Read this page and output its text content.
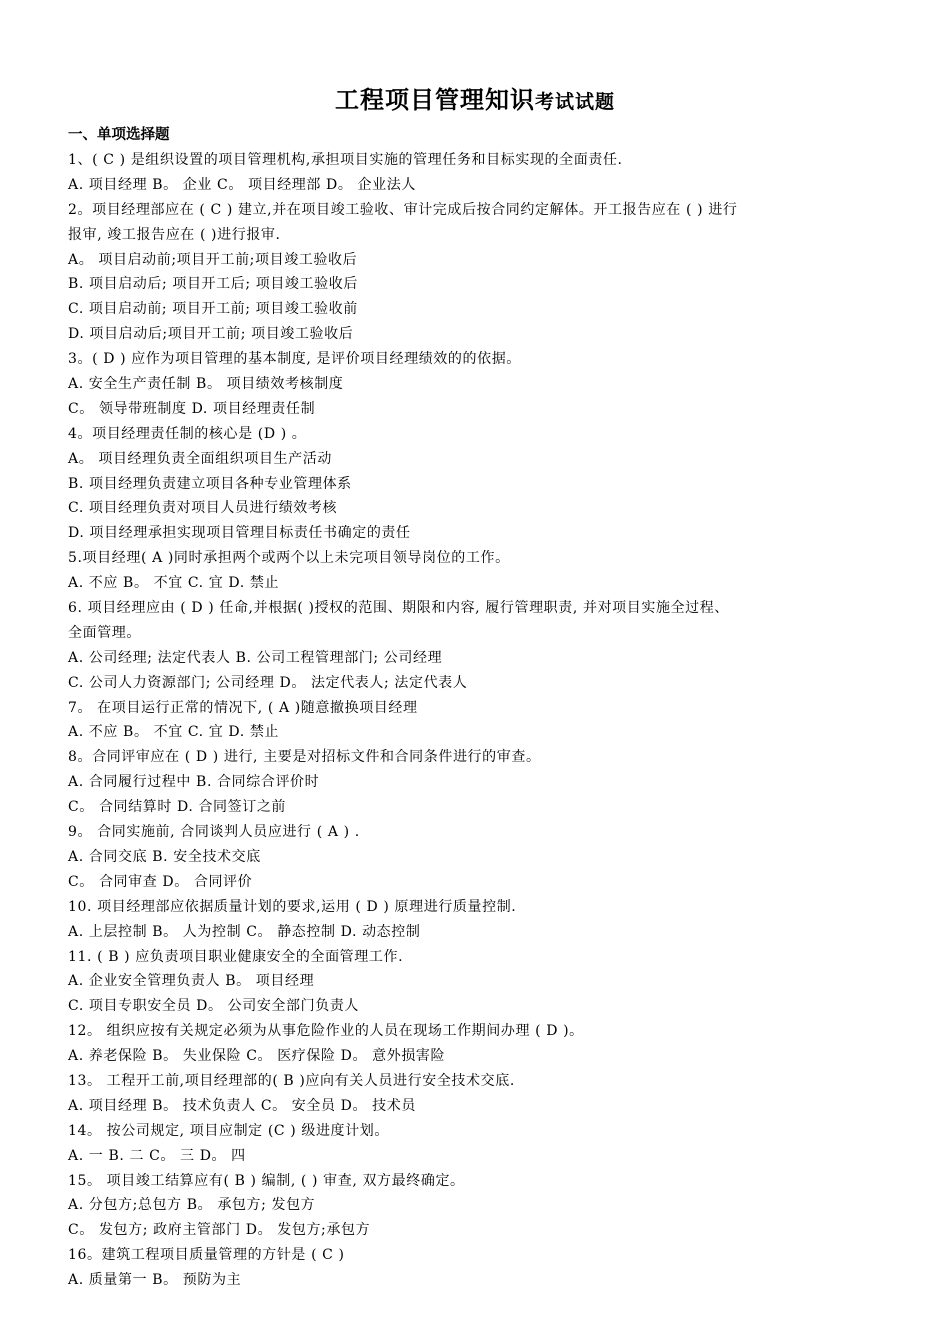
工程项目管理知识考试试题
一、单项选择题
1、( C ) 是组织设置的项目管理机构,承担项目实施的管理任务和目标实现的全面责任.
A. 项目经理 B。 企业 C。 项目经理部 D。 企业法人
2。项目经理部应在 ( C ) 建立,并在项目竣工验收、审计完成后按合同约定解体。开工报告应在 ( ) 进行
报审, 竣工报告应在 ( )进行报审.
A。 项目启动前;项目开工前;项目竣工验收后
B. 项目启动后; 项目开工后; 项目竣工验收后
C. 项目启动前; 项目开工前; 项目竣工验收前
D. 项目启动后;项目开工前; 项目竣工验收后
3。( D ) 应作为项目管理的基本制度, 是评价项目经理绩效的的依据。
A. 安全生产责任制 B。 项目绩效考核制度
C。 领导带班制度 D. 项目经理责任制
4。项目经理责任制的核心是 (D ) 。
A。 项目经理负责全面组织项目生产活动
B. 项目经理负责建立项目各种专业管理体系
C. 项目经理负责对项目人员进行绩效考核
D. 项目经理承担实现项目管理目标责任书确定的责任
5.项目经理( A )同时承担两个或两个以上未完项目领导岗位的工作。
A. 不应 B。 不宜 C. 宜 D. 禁止
6. 项目经理应由 ( D ) 任命,并根据( )授权的范围、期限和内容, 履行管理职责, 并对项目实施全过程、
全面管理。
A. 公司经理; 法定代表人 B. 公司工程管理部门; 公司经理
C. 公司人力资源部门; 公司经理 D。 法定代表人; 法定代表人
7。 在项目运行正常的情况下, ( A )随意撤换项目经理
A. 不应 B。 不宜 C. 宜 D. 禁止
8。合同评审应在 ( D ) 进行, 主要是对招标文件和合同条件进行的审查。
A. 合同履行过程中 B. 合同综合评价时
C。 合同结算时 D. 合同签订之前
9。 合同实施前, 合同谈判人员应进行 ( A ) .
A. 合同交底 B. 安全技术交底
C。 合同审查 D。 合同评价
10. 项目经理部应依据质量计划的要求,运用 ( D ) 原理进行质量控制.
A. 上层控制 B。 人为控制 C。 静态控制 D. 动态控制
11. ( B ) 应负责项目职业健康安全的全面管理工作.
A. 企业安全管理负责人 B。 项目经理
C. 项目专职安全员 D。 公司安全部门负责人
12。 组织应按有关规定必须为从事危险作业的人员在现场工作期间办理 ( D )。
A. 养老保险 B。 失业保险 C。 医疗保险 D。 意外损害险
13。 工程开工前,项目经理部的( B )应向有关人员进行安全技术交底.
A. 项目经理 B。 技术负责人 C。 安全员 D。 技术员
14。 按公司规定, 项目应制定 (C ) 级进度计划。
A. 一 B. 二 C。 三 D。 四
15。 项目竣工结算应有( B ) 编制, ( ) 审查, 双方最终确定。
A. 分包方;总包方 B。 承包方; 发包方
C。 发包方; 政府主管部门 D。 发包方;承包方
16。建筑工程项目质量管理的方针是 ( C )
A. 质量第一 B。 预防为主
